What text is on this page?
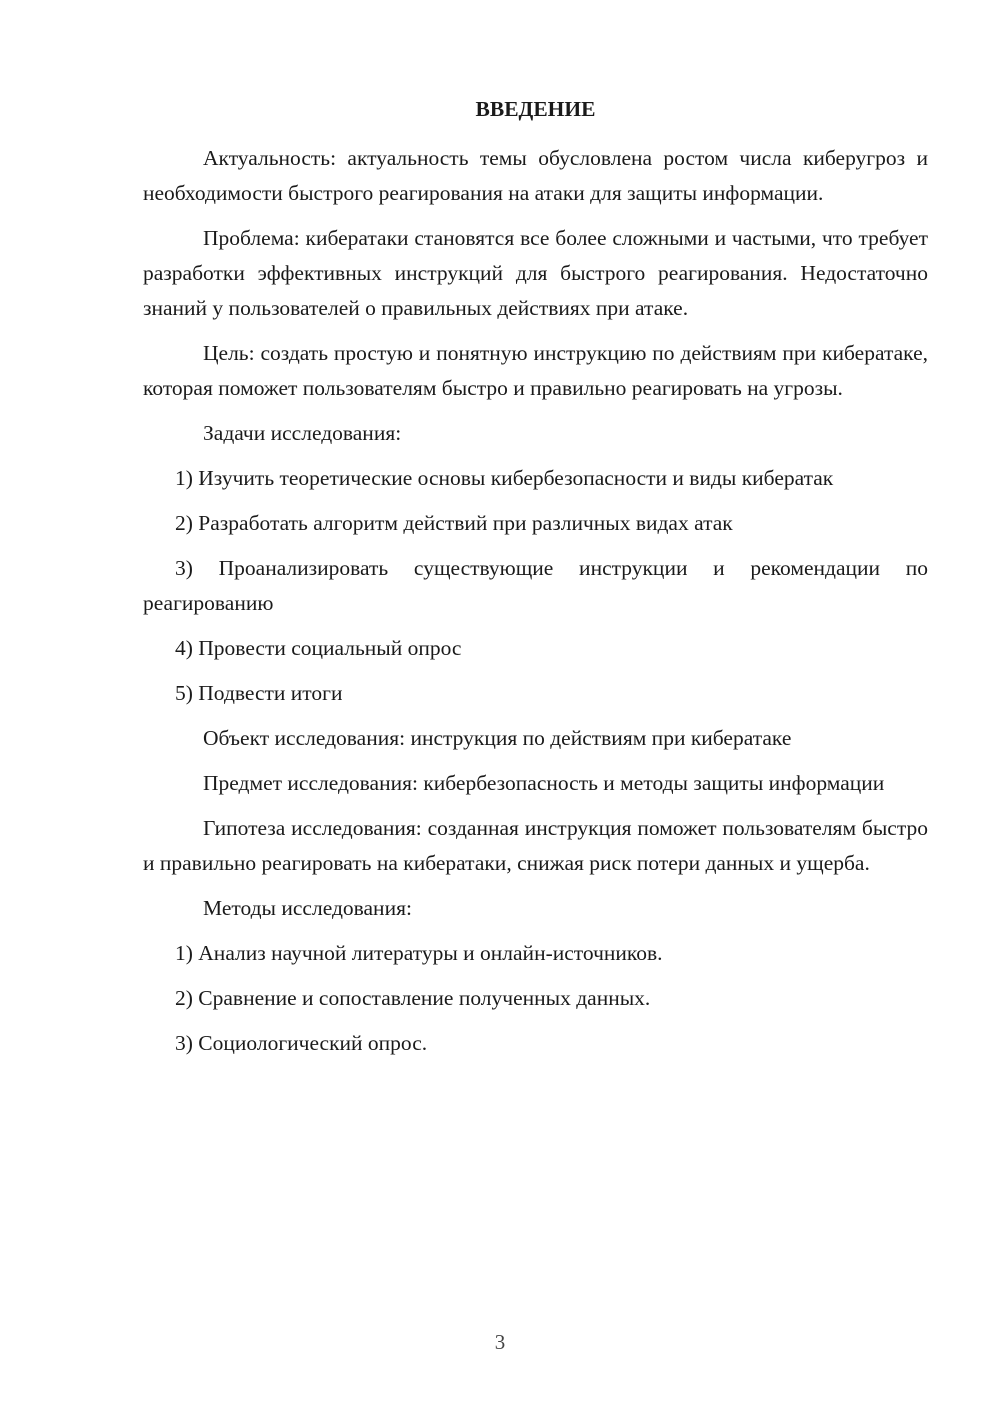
ВВЕДЕНИЕ

Актуальность: актуальность темы обусловлена ростом числа киберугроз и необходимости быстрого реагирования на атаки для защиты информации.

Проблема: кибератаки становятся все более сложными и частыми, что требует разработки эффективных инструкций для быстрого реагирования. Недостаточно знаний у пользователей о правильных действиях при атаке.

Цель: создать простую и понятную инструкцию по действиям при кибератаке, которая поможет пользователям быстро и правильно реагировать на угрозы.

Задачи исследования:

1) Изучить теоретические основы кибербезопасности и виды кибератак

2) Разработать алгоритм действий при различных видах атак

3) Проанализировать существующие инструкции и рекомендации по реагированию

4) Провести социальный опрос

5) Подвести итоги

Объект исследования: инструкция по действиям при кибератаке

Предмет исследования: кибербезопасность и методы защиты информации

Гипотеза исследования: созданная инструкция поможет пользователям быстро и правильно реагировать на кибератаки, снижая риск потери данных и ущерба.

Методы исследования:

1) Анализ научной литературы и онлайн-источников.

2) Сравнение и сопоставление полученных данных.

3) Социологический опрос.

3
